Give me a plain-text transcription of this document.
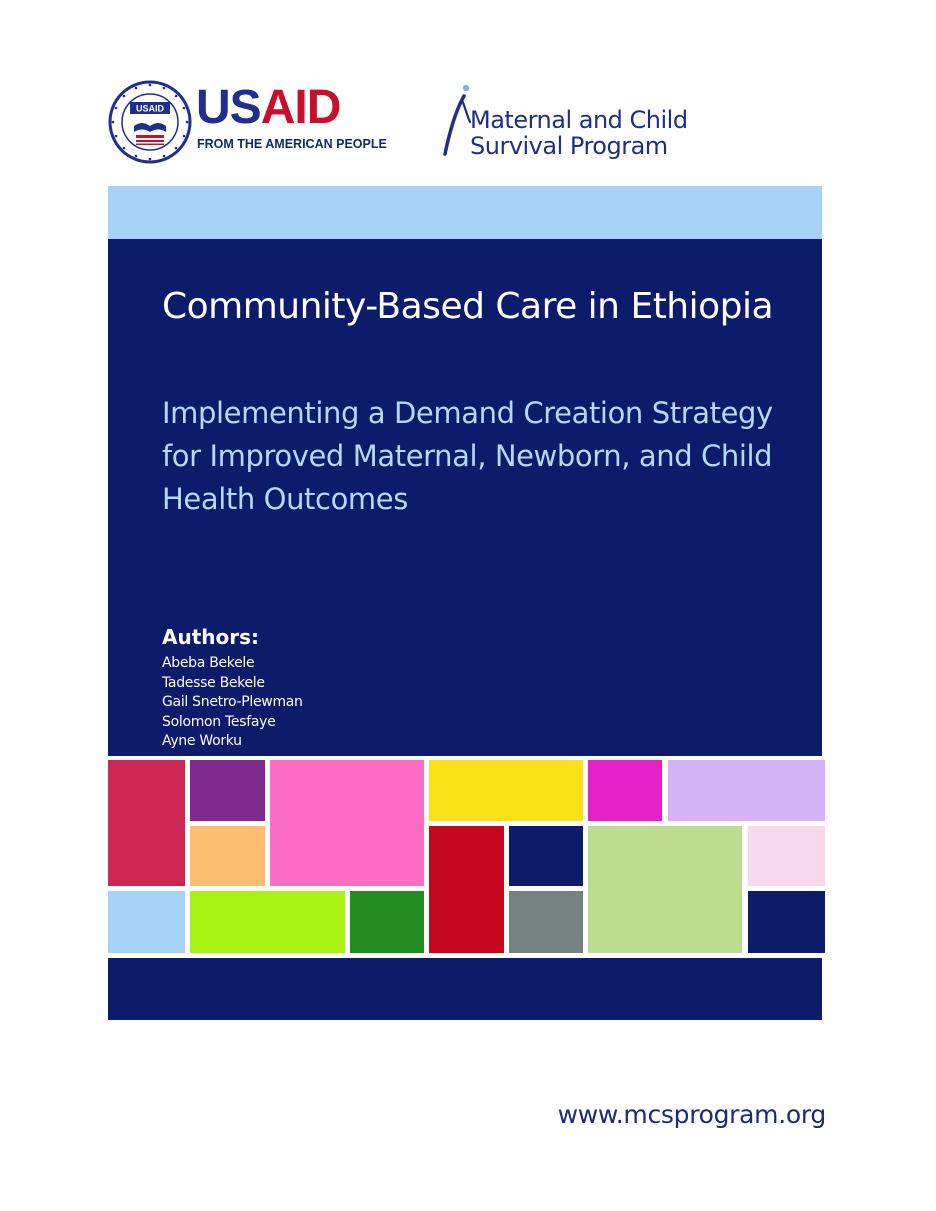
USAID USAID
FROM THE AMERICAN PEOPLE
Maternal and Child
Survival Program
Community-Based Care in Ethiopia

Implementing a Demand Creation Strategy for Improved Maternal, Newborn, and Child Health Outcomes

Authors:
Abeba Bekele
Tadesse Bekele
Gail Snetro-Plewman
Solomon Tesfaye
Ayne Worku
www.mcsprogram.org
